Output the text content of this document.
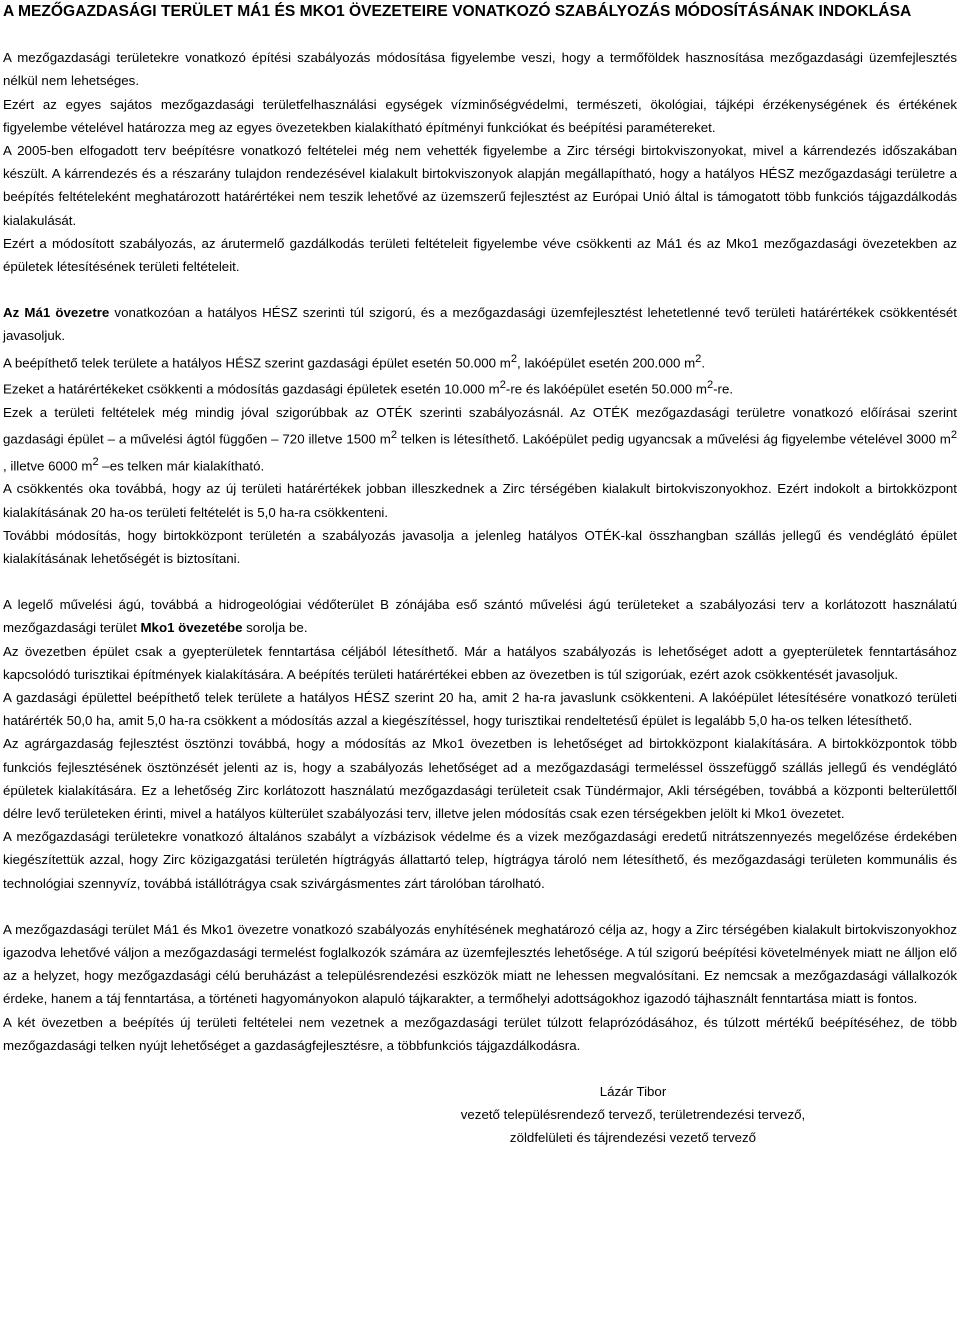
A MEZŐGAZDASÁGI TERÜLET MÁ1 ÉS MKO1 ÖVEZETEIRE VONATKOZÓ SZABÁLYOZÁS MÓDOSÍTÁSÁNAK INDOKLÁSA

A mezőgazdasági területekre vonatkozó építési szabályozás módosítása figyelembe veszi, hogy a termőföldek hasznosítása mezőgazdasági üzemfejlesztés nélkül nem lehetséges.

Ezért az egyes sajátos mezőgazdasági területfelhasználási egységek vízminőségvédelmi, természeti, ökológiai, tájképi érzékenységének és értékének figyelembe vételével határozza meg az egyes övezetekben kialakítható építményi funkciókat és beépítési paramétereket.

A 2005-ben elfogadott terv beépítésre vonatkozó feltételei még nem vehették figyelembe a Zirc térségi birtokviszonyokat, mivel a kárrendezés időszakában készült. A kárrendezés és a részarány tulajdon rendezésével kialakult birtokviszonyok alapján megállapítható, hogy a hatályos HÉSZ mezőgazdasági területre a beépítés feltételeként meghatározott határértékei nem teszik lehetővé az üzemszerű fejlesztést az Európai Unió által is támogatott több funkciós tájgazdálkodás kialakulását.

Ezért a módosított szabályozás, az árutermelő gazdálkodás területi feltételeit figyelembe véve csökkenti az Má1 és az Mko1 mezőgazdasági övezetekben az épületek létesítésének területi feltételeit.

Az Má1 övezetre vonatkozóan a hatályos HÉSZ szerinti túl szigorú, és a mezőgazdasági üzemfejlesztést lehetetlenné tevő területi határértékek csökkentését javasoljuk.

A beépíthető telek területe a hatályos HÉSZ szerint gazdasági épület esetén 50.000 $m^2$, lakóépület esetén 200.000 $m^2$.

Ezeket a határértékeket csökkenti a módosítás gazdasági épületek esetén 10.000 $m^2-re$ és lakóépület esetén 50.000 $m^2-re$.

Ezek a területi feltételek még mindig jóval szigorúbbak az OTÉK szerinti szabályozásnál. Az OTÉK mezőgazdasági területre vonatkozó előírásai szerint gazdasági épület – a művelési ágtól függően – 720 illetve 1500 $m^2$ telken is létesíthető. Lakóépület pedig ugyancsak a művelési ág figyelembe vételével 3000 $m^2$ , illetve 6000 $m^2$ –es telken már kialakítható.

A csökkentés oka továbbá, hogy az új területi határértékek jobban illeszkednek a Zirc térségében kialakult birtokviszonyokhoz. Ezért indokolt a birtokközpont kialakításának 20 ha-os területi feltételét is 5,0 ha-ra csökkenteni.

További módosítás, hogy birtokközpont területén a szabályozás javasolja a jelenleg hatályos OTÉK-kal összhangban szállás jellegű és vendéglátó épület kialakításának lehetőségét is biztosítani.

A legelő művelési ágú, továbbá a hidrogeológiai védőterület B zónájába eső szántó művelési ágú területeket a szabályozási terv a korlátozott használatú mezőgazdasági terület Mko1 övezetébe sorolja be.

Az övezetben épület csak a gyepterületek fenntartása céljából létesíthető. Már a hatályos szabályozás is lehetőséget adott a gyepterületek fenntartásához kapcsolódó turisztikai építmények kialakítására. A beépítés területi határértékei ebben az övezetben is túl szigorúak, ezért azok csökkentését javasoljuk.

A gazdasági épülettel beépíthető telek területe a hatályos HÉSZ szerint 20 ha, amit 2 ha-ra javaslunk csökkenteni. A lakóépület létesítésére vonatkozó területi határérték 50,0 ha, amit 5,0 ha-ra csökkent a módosítás azzal a kiegészítéssel, hogy turisztikai rendeltetésű épület is legalább 5,0 ha-os telken létesíthető.

Az agrárgazdaság fejlesztést ösztönzi továbbá, hogy a módosítás az Mko1 övezetben is lehetőséget ad birtokközpont kialakítására. A birtokközpontok több funkciós fejlesztésének ösztönzését jelenti az is, hogy a szabályozás lehetőséget ad a mezőgazdasági termeléssel összefüggő szállás jellegű és vendéglátó épületek kialakítására. Ez a lehetőség Zirc korlátozott használatú mezőgazdasági területeit csak Tündérmajor, Akli térségében, továbbá a központi belterülettől délre levő területeken érinti, mivel a hatályos külterület szabályozási terv, illetve jelen módosítás csak ezen térségekben jelölt ki Mko1 övezetet.

A mezőgazdasági területekre vonatkozó általános szabályt a vízbázisok védelme és a vizek mezőgazdasági eredetű nitrátszennyezés megelőzése érdekében kiegészítettük azzal, hogy Zirc közigazgatási területén hígtrágyás állattartó telep, hígtrágya tároló nem létesíthető, és mezőgazdasági területen kommunális és technológiai szennyvíz, továbbá istállótrágya csak szivárgásmentes zárt tárolóban tárolható.

A mezőgazdasági terület Má1 és Mko1 övezetre vonatkozó szabályozás enyhítésének meghatározó célja az, hogy a Zirc térségében kialakult birtokviszonyokhoz igazodva lehetővé váljon a mezőgazdasági termelést foglalkozók számára az üzemfejlesztés lehetősége. A túl szigorú beépítési követelmények miatt ne álljon elő az a helyzet, hogy mezőgazdasági célú beruházást a településrendezési eszközök miatt ne lehessen megvalósítani. Ez nemcsak a mezőgazdasági vállalkozók érdeke, hanem a táj fenntartása, a történeti hagyományokon alapuló tájkarakter, a termőhelyi adottságokhoz igazodó tájhasznált fenntartása miatt is fontos.

A két övezetben a beépítés új területi feltételei nem vezetnek a mezőgazdasági terület túlzott felaprózódásához, és túlzott mértékű beépítéséhez, de több mezőgazdasági telken nyújt lehetőséget a gazdaságfejlesztésre, a többfunkciós tájgazdálkodásra.

Lázár Tibor

vezető településrendező tervező, területrendezési tervező,

zöldfelületi és tájrendezési vezető tervező
